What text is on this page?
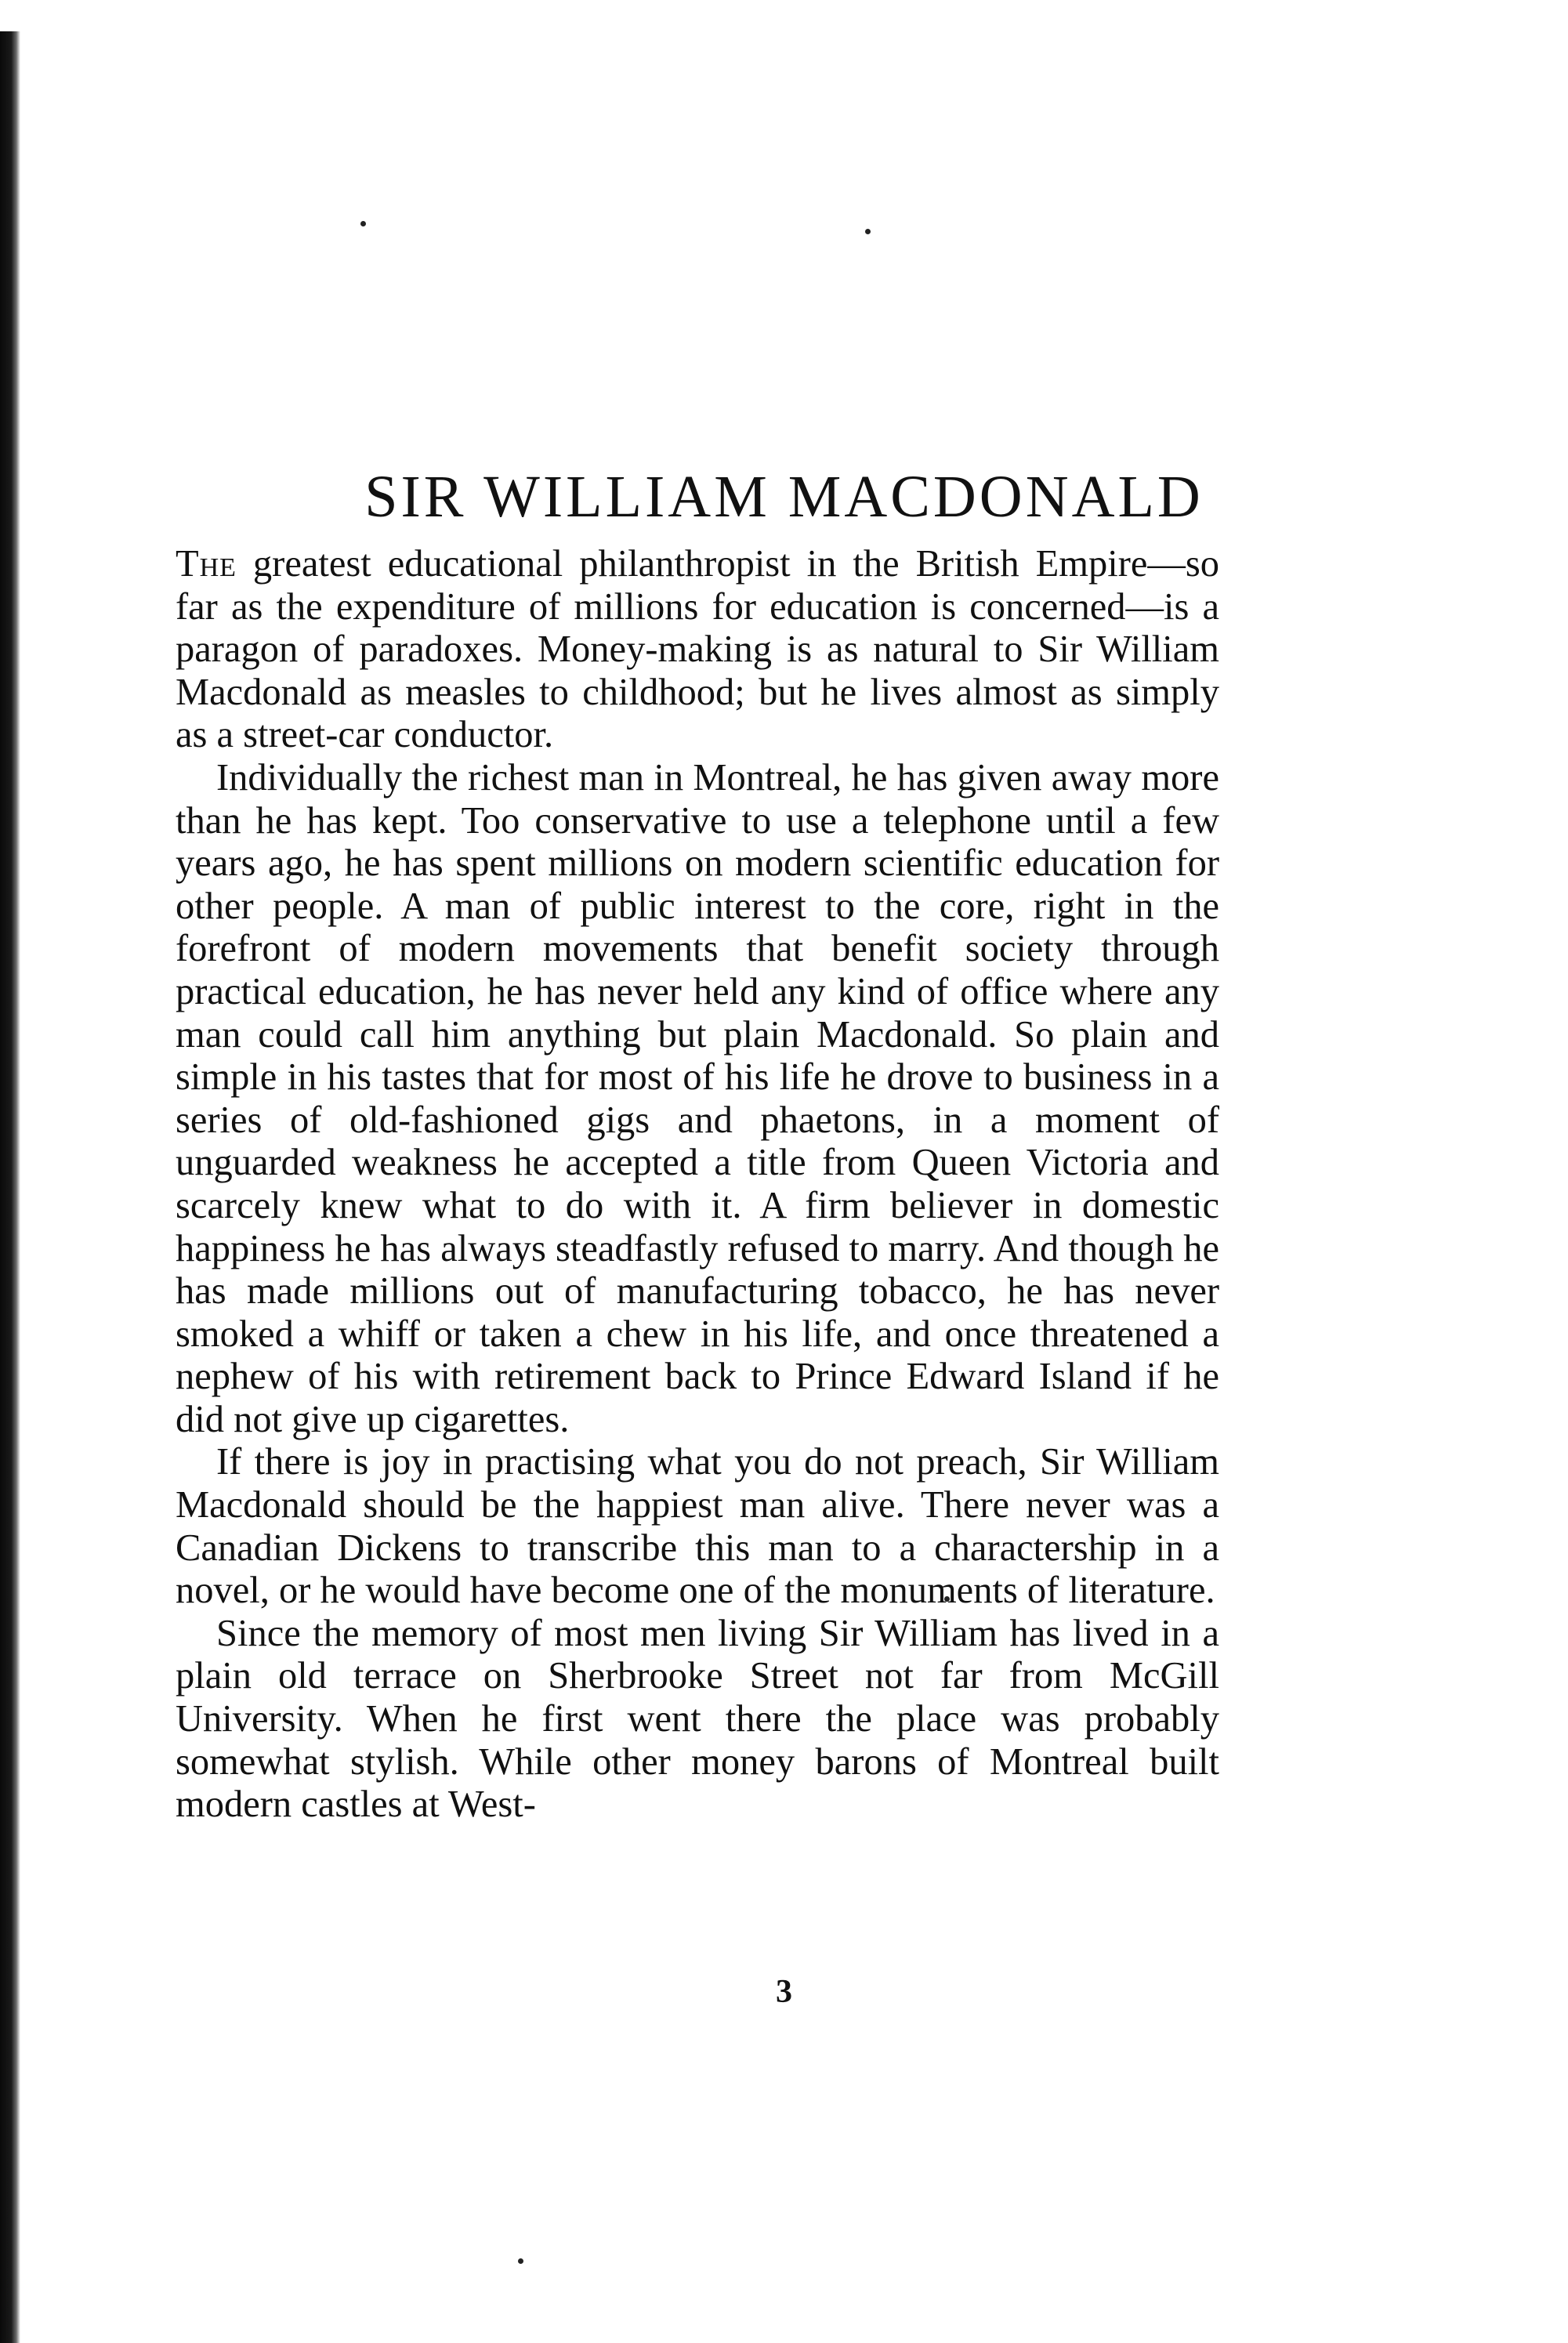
SIR WILLIAM MACDONALD

The greatest educational philanthropist in the British Empire—so far as the expenditure of millions for education is concerned—is a paragon of paradoxes. Money-making is as natural to Sir William Macdonald as measles to childhood; but he lives almost as simply as a street-car conductor.

Individually the richest man in Montreal, he has given away more than he has kept. Too conservative to use a telephone until a few years ago, he has spent millions on modern scientific education for other people. A man of public interest to the core, right in the forefront of modern movements that benefit society through practical education, he has never held any kind of office where any man could call him anything but plain Macdonald. So plain and simple in his tastes that for most of his life he drove to business in a series of old-fashioned gigs and phaetons, in a moment of unguarded weakness he accepted a title from Queen Victoria and scarcely knew what to do with it. A firm believer in domestic happiness he has always steadfastly refused to marry. And though he has made millions out of manufacturing tobacco, he has never smoked a whiff or taken a chew in his life, and once threatened a nephew of his with retirement back to Prince Edward Island if he did not give up cigarettes.

If there is joy in practising what you do not preach, Sir William Macdonald should be the happiest man alive. There never was a Canadian Dickens to transcribe this man to a charactership in a novel, or he would have become one of the monuments of literature.

Since the memory of most men living Sir William has lived in a plain old terrace on Sherbrooke Street not far from McGill University. When he first went there the place was probably somewhat stylish. While other money barons of Montreal built modern castles at West-

3
